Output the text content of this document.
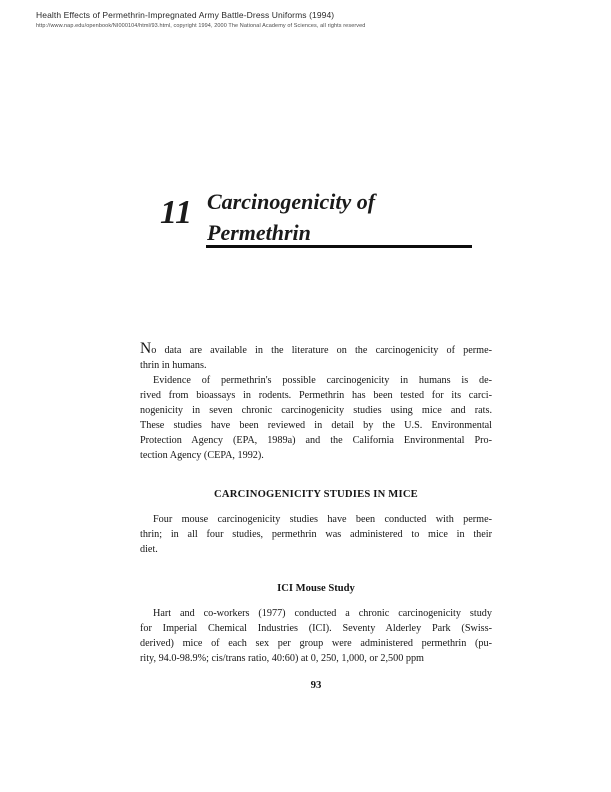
Health Effects of Permethrin-Impregnated Army Battle-Dress Uniforms (1994)
http://www.nap.edu/openbook/NI000104/html/93.html, copyright 1994, 2000 The National Academy of Sciences, all rights reserved
11 Carcinogenicity of
Permethrin
No data are available in the literature on the carcinogenicity of perme-
thrin in humans.
Evidence of permethrin's possible carcinogenicity in humans is de-
rived from bioassays in rodents. Permethrin has been tested for its carci-
nogenicity in seven chronic carcinogenicity studies using mice and rats.
These studies have been reviewed in detail by the U.S. Environmental
Protection Agency (EPA, 1989a) and the California Environmental Pro-
tection Agency (CEPA, 1992).
CARCINOGENICITY STUDIES IN MICE
Four mouse carcinogenicity studies have been conducted with perme-
thrin; in all four studies, permethrin was administered to mice in their
diet.
ICI Mouse Study
Hart and co-workers (1977) conducted a chronic carcinogenicity study
for Imperial Chemical Industries (ICI). Seventy Alderley Park (Swiss-
derived) mice of each sex per group were administered permethrin (pu-
rity, 94.0-98.9%; cis/trans ratio, 40:60) at 0, 250, 1,000, or 2,500 ppm
93
